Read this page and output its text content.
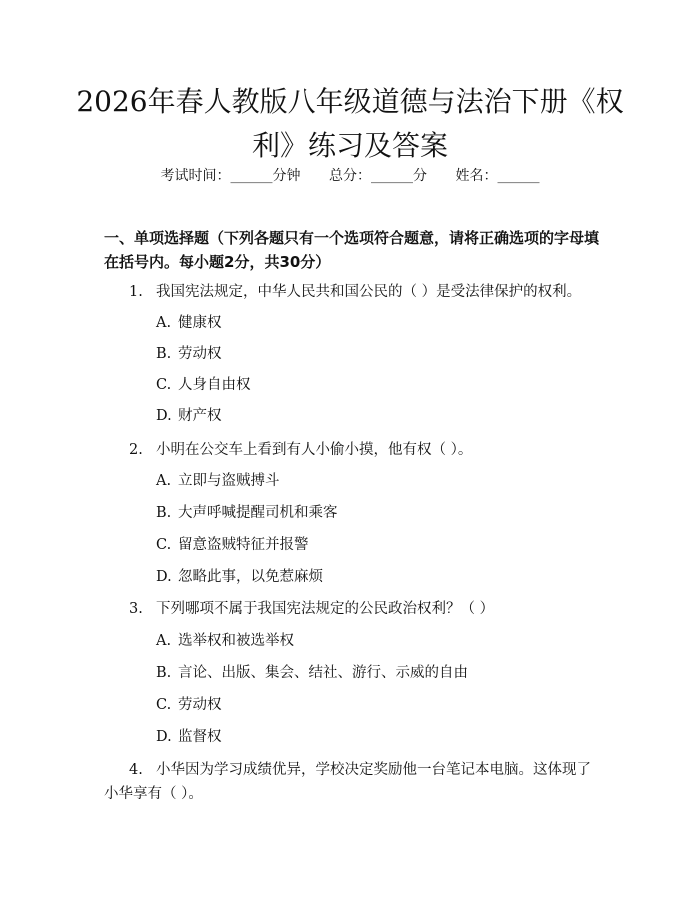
2026年春人教版八年级道德与法治下册《权利》练习及答案
考试时间：______分钟 总分：______分 姓名：______
一、单项选择题（下列各题只有一个选项符合题意，请将正确选项的字母填在括号内。每小题2分，共30分）
1. 我国宪法规定，中华人民共和国公民的（ ）是受法律保护的权利。
A. 健康权
B. 劳动权
C. 人身自由权
D. 财产权
2. 小明在公交车上看到有人小偷小摸，他有权（ ）。
A. 立即与盗贼搏斗
B. 大声呼喊提醒司机和乘客
C. 留意盗贼特征并报警
D. 忽略此事，以免惹麻烦
3. 下列哪项不属于我国宪法规定的公民政治权利？（ ）
A. 选举权和被选举权
B. 言论、出版、集会、结社、游行、示威的自由
C. 劳动权
D. 监督权
4. 小华因为学习成绩优异，学校决定奖励他一台笔记本电脑。这体现了小华享有（ ）。
